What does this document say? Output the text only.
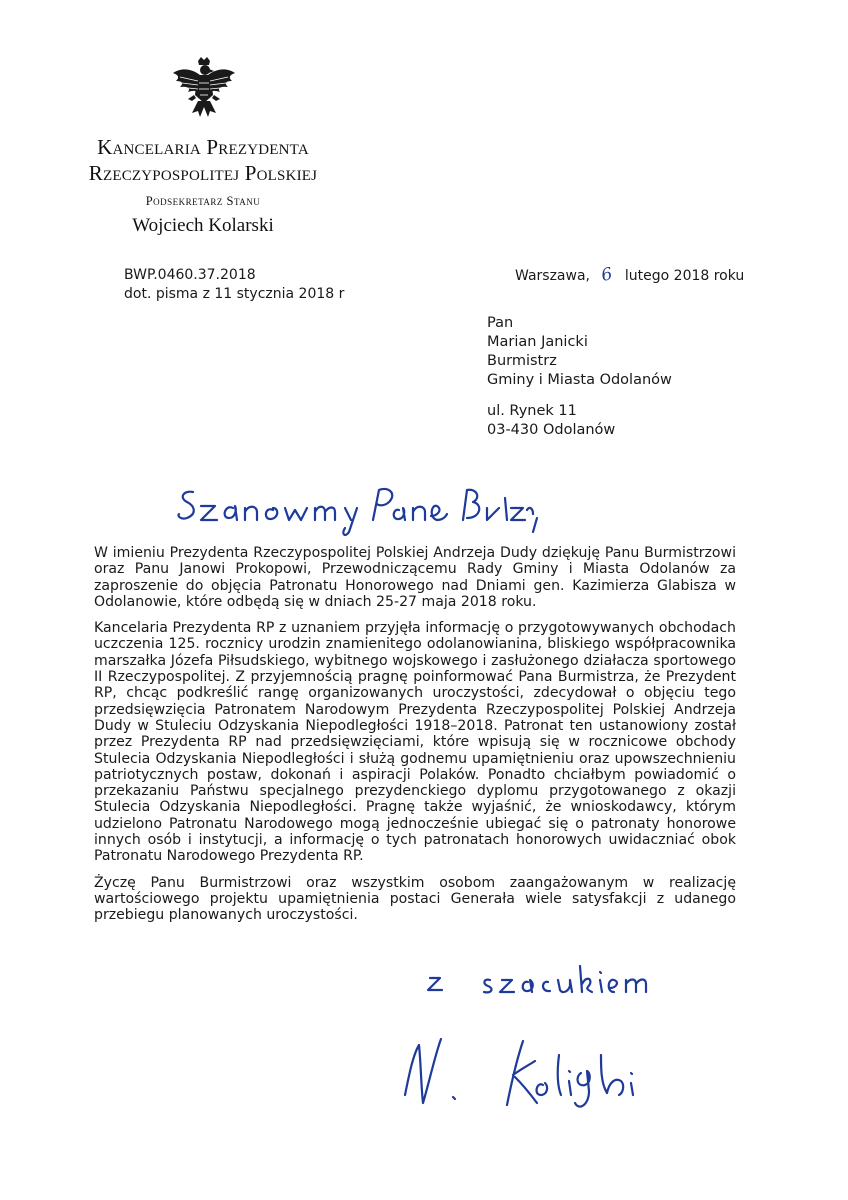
Kancelaria Prezydenta
Rzeczypospolitej Polskiej
Podsekretarz Stanu
Wojciech Kolarski
BWP.0460.37.2018
dot. pisma z 11 stycznia 2018 r
Warszawa, 6 lutego 2018 roku
Pan
Marian Janicki
Burmistrz
Gminy i Miasta Odolanów
ul. Rynek 11
03-430 Odolanów

W imieniu Prezydenta Rzeczypospolitej Polskiej Andrzeja Dudy dziękuję Panu Burmistrzowi oraz Panu Janowi Prokopowi, Przewodniczącemu Rady Gminy i Miasta Odolanów za zaproszenie do objęcia Patronatu Honorowego nad Dniami gen. Kazimierza Glabisza w Odolanowie, które odbędą się w dniach 25-27 maja 2018 roku.

Kancelaria Prezydenta RP z uznaniem przyjęła informację o przygotowywanych obchodach uczczenia 125. rocznicy urodzin znamienitego odolanowianina, bliskiego współpracownika marszałka Józefa Piłsudskiego, wybitnego wojskowego i zasłużonego działacza sportowego II Rzeczypospolitej. Z przyjemnością pragnę poinformować Pana Burmistrza, że Prezydent RP, chcąc podkreślić rangę organizowanych uroczystości, zdecydował o objęciu tego przedsięwzięcia Patronatem Narodowym Prezydenta Rzeczypospolitej Polskiej Andrzeja Dudy w Stuleciu Odzyskania Niepodległości 1918–2018. Patronat ten ustanowiony został przez Prezydenta RP nad przedsięwzięciami, które wpisują się w rocznicowe obchody Stulecia Odzyskania Niepodległości i służą godnemu upamiętnieniu oraz upowszechnieniu patriotycznych postaw, dokonań i aspiracji Polaków. Ponadto chciałbym powiadomić o przekazaniu Państwu specjalnego prezydenckiego dyplomu przygotowanego z okazji Stulecia Odzyskania Niepodległości. Pragnę także wyjaśnić, że wnioskodawcy, którym udzielono Patronatu Narodowego mogą jednocześnie ubiegać się o patronaty honorowe innych osób i instytucji, a informację o tych patronatach honorowych uwidaczniać obok Patronatu Narodowego Prezydenta RP.

Życzę Panu Burmistrzowi oraz wszystkim osobom zaangażowanym w realizację wartościowego projektu upamiętnienia postaci Generała wiele satysfakcji z udanego przebiegu planowanych uroczystości.
